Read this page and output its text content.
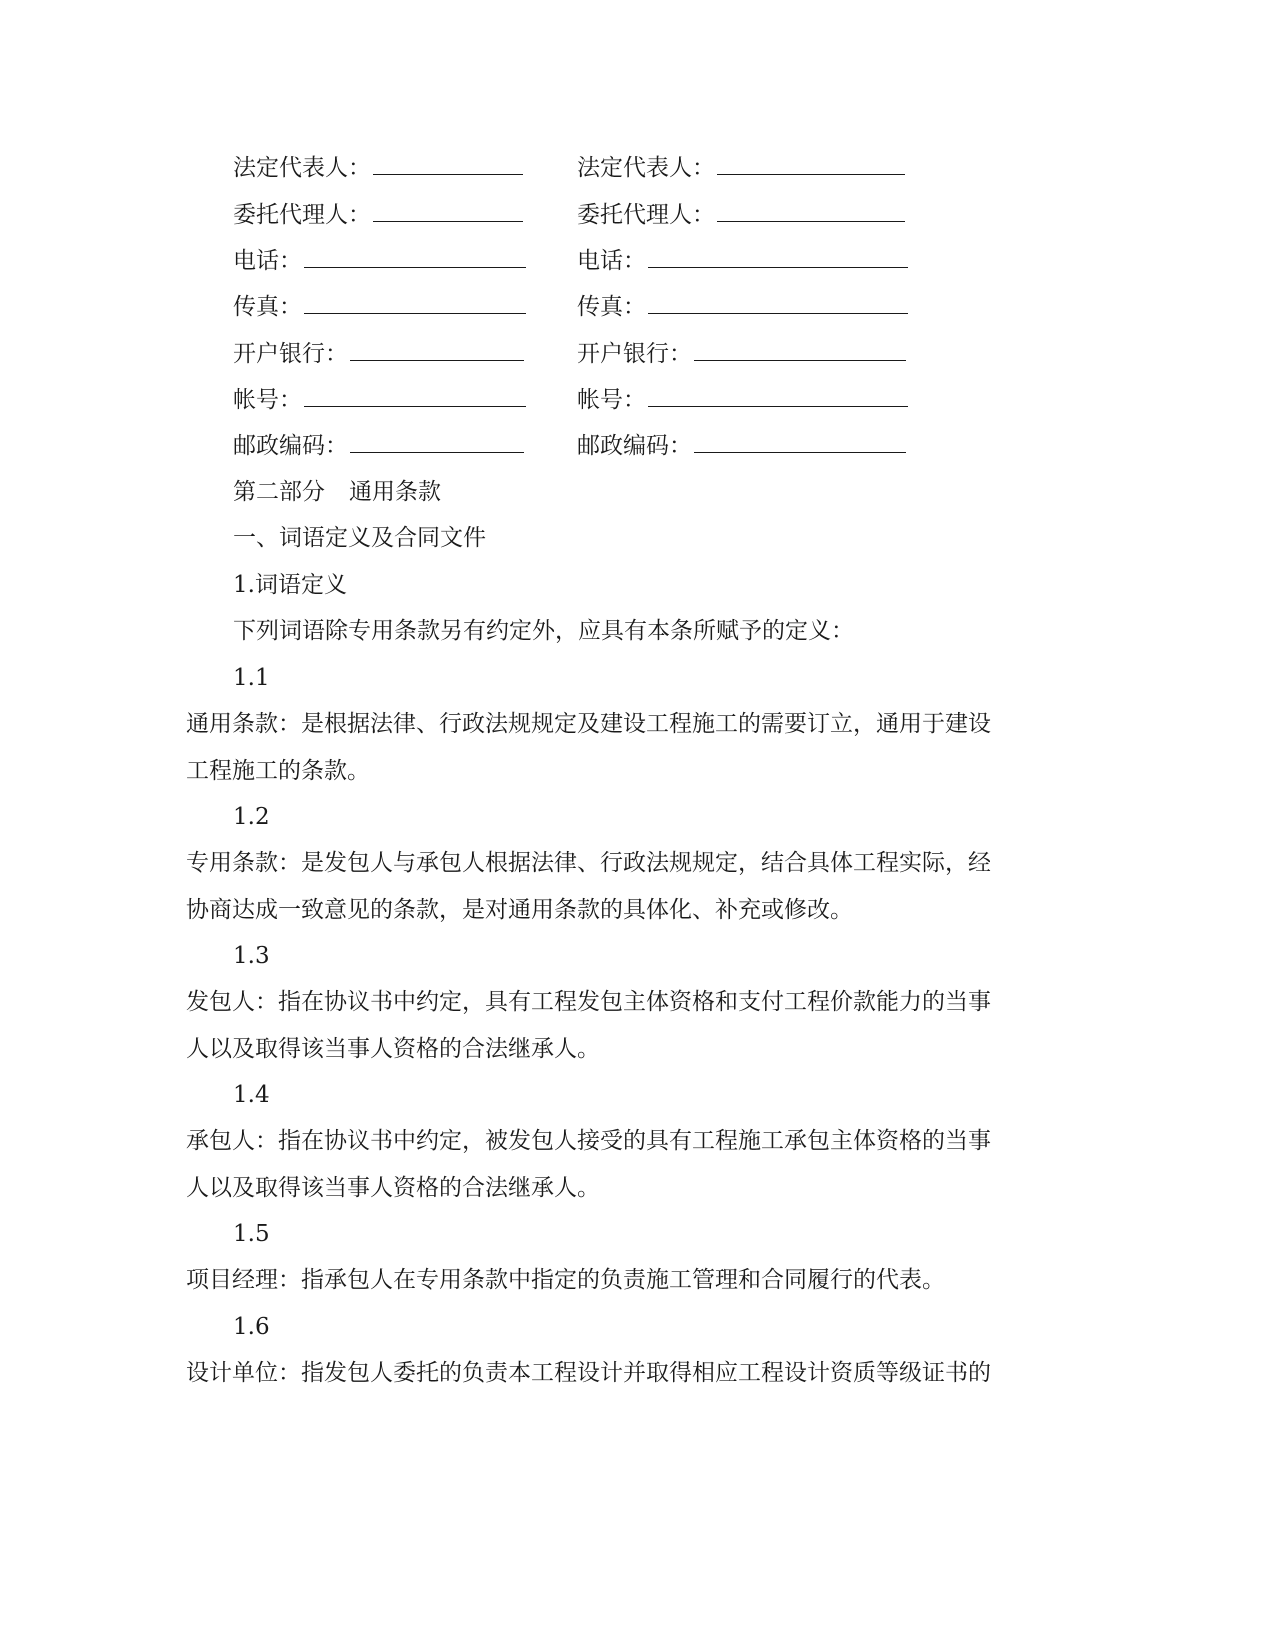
法定代表人：
委托代理人：
电话：
传真：
开户银行：
帐号：
邮政编码：
法定代表人：
委托代理人：
电话：
传真：
开户银行：
帐号：
邮政编码：
第二部分 通用条款
一、词语定义及合同文件
1.词语定义
下列词语除专用条款另有约定外，应具有本条所赋予的定义：
1.1
通用条款：是根据法律、行政法规规定及建设工程施工的需要订立，通用于建设
工程施工的条款。
1.2
专用条款：是发包人与承包人根据法律、行政法规规定，结合具体工程实际，经
协商达成一致意见的条款，是对通用条款的具体化、补充或修改。
1.3
发包人：指在协议书中约定，具有工程发包主体资格和支付工程价款能力的当事
人以及取得该当事人资格的合法继承人。
1.4
承包人：指在协议书中约定，被发包人接受的具有工程施工承包主体资格的当事
人以及取得该当事人资格的合法继承人。
1.5
项目经理：指承包人在专用条款中指定的负责施工管理和合同履行的代表。
1.6
设计单位：指发包人委托的负责本工程设计并取得相应工程设计资质等级证书的
